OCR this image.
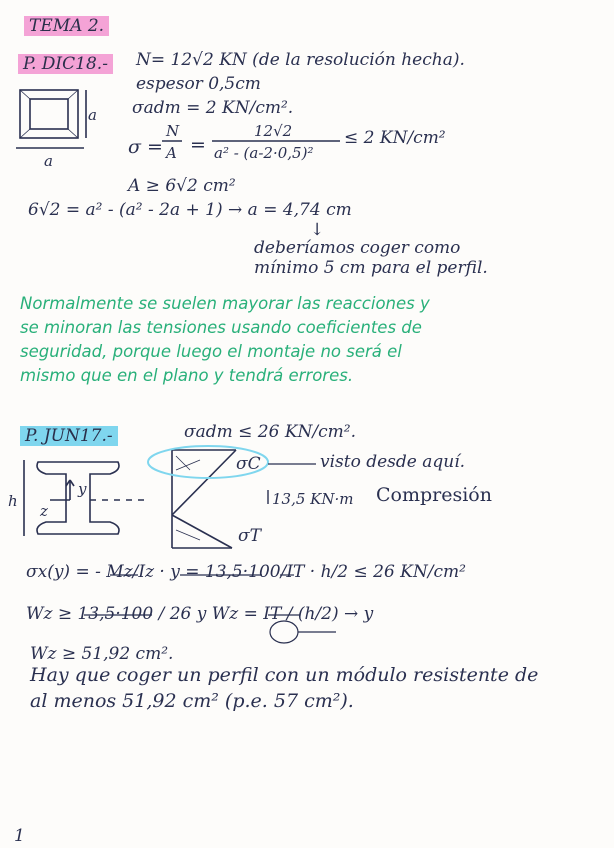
TEMA 2.
P. DIC18.- N= 12√2 KN (de la resolución hecha).
espesor 0,5cm
σadm = 2 KN/cm².
a
a
σ =
N
A =
12√2
a² - (a-2·0,5)²
≤ 2 KN/cm²
A ≥ 6√2 cm²
6√2 = a² - (a² - 2a + 1) → a = 4,74 cm
↓
deberíamos coger como
mínimo 5 cm para el perfil.
Normalmente se suelen mayorar las reacciones y
se minoran las tensiones usando coeficientes de
seguridad, porque luego el montaje no será el
mismo que en el plano y tendrá errores.
P. JUN17.-	σadm ≤ 26 KN/cm².
h
y
z
σC	visto desde aquí.
13,5 KN·m Compresión
σT
σx(y) = - Mz/Iz · y = 13,5·100/IT · h/2 ≤ 26 KN/cm²
Wz ≥ 13,5·100 / 26 y Wz = IT / (h/2) → y
Wz ≥ 51,92 cm².
Hay que coger un perfil con un módulo resistente de
al menos 51,92 cm² (p.e. 57 cm²).
1
